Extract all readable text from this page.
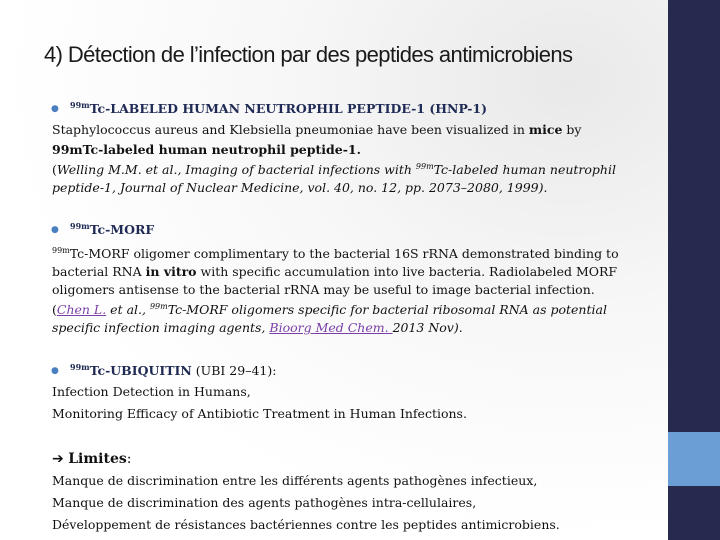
4) Détection de l’infection par des peptides antimicrobiens

● $^{99m}$Tc-LABELED HUMAN NEUTROPHIL PEPTIDE-1 (HNP-1)

Staphylococcus aureus and Klebsiella pneumoniae have been visualized in mice by

99mTc-labeled human neutrophil peptide-1.

(Welling M.M. et al., Imaging of bacterial infections with $^{99m}$Tc-labeled human neutrophil peptide-1, Journal of Nuclear Medicine, vol. 40, no. 12, pp. 2073–2080, 1999).

● $^{99m}$Tc-MORF

$^{99m}$Tc-MORF oligomer complimentary to the bacterial 16S rRNA demonstrated binding to bacterial RNA in vitro with specific accumulation into live bacteria. Radiolabeled MORF oligomers antisense to the bacterial rRNA may be useful to image bacterial infection.

(Chen L. et al., $^{99m}$Tc-MORF oligomers specific for bacterial ribosomal RNA as potential specific infection imaging agents, Bioorg Med Chem. 2013 Nov).

● $^{99m}$Tc-UBIQUITIN (UBI 29–41):

Infection Detection in Humans,

Monitoring Efficacy of Antibiotic Treatment in Human Infections.

➔ Limites:

Manque de discrimination entre les différents agents pathogènes infectieux,

Manque de discrimination des agents pathogènes intra-cellulaires,

Développement de résistances bactériennes contre les peptides antimicrobiens.
